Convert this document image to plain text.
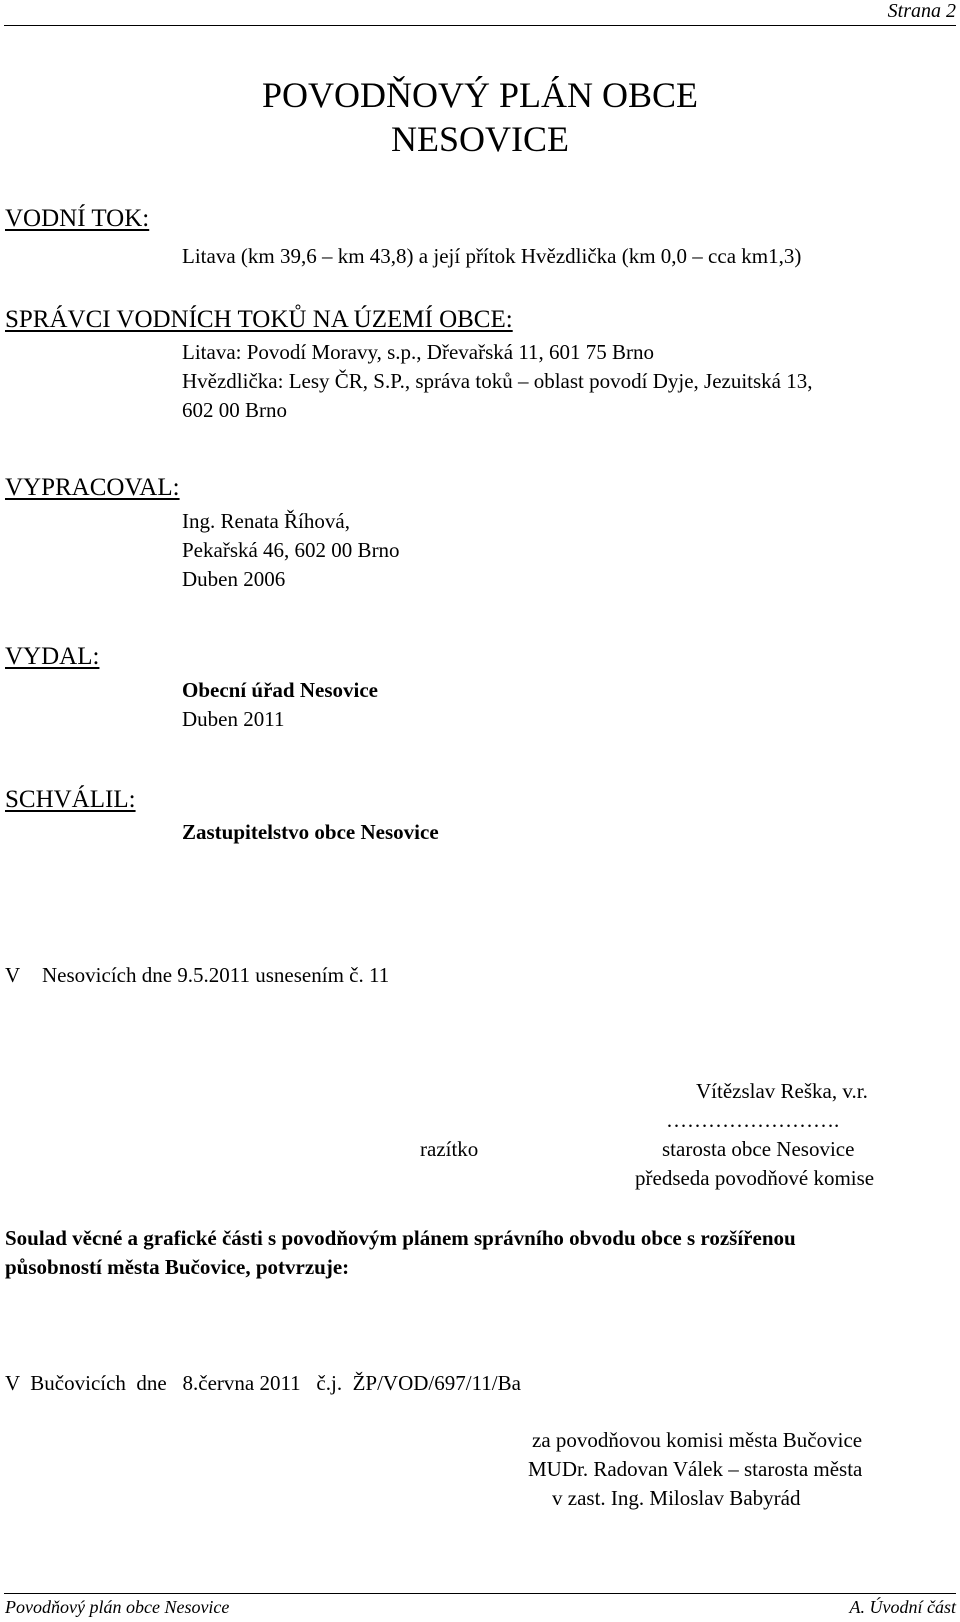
Strana 2
POVODŇOVÝ PLÁN OBCE
NESOVICE
VODNÍ TOK:
Litava (km 39,6 – km 43,8) a její přítok Hvězdlička (km 0,0 – cca km1,3)
SPRÁVCI VODNÍCH TOKŮ NA ÚZEMÍ OBCE:
Litava: Povodí Moravy, s.p., Dřevařská 11, 601 75 Brno
Hvězdlička: Lesy ČR, S.P., správa toků – oblast povodí Dyje, Jezuitská 13,
602 00 Brno
VYPRACOVAL:
Ing. Renata Říhová,
Pekařská 46, 602 00 Brno
Duben 2006
VYDAL:
Obecní úřad Nesovice
Duben 2011
SCHVÁLIL:
Zastupitelstvo obce Nesovice
V Nesovicích dne 9.5.2011 usnesením č. 11
Vítězslav Reška, v.r.
…………………….
razítko	starosta obce Nesovice
předseda povodňové komise
Soulad věcné a grafické části s povodňovým plánem správního obvodu obce s rozšířenou
působností města Bučovice, potvrzuje:
V  Bučovicích  dne   8.června 2011   č.j.  ŽP/VOD/697/11/Ba
za povodňovou komisi města Bučovice
MUDr. Radovan Válek – starosta města
v zast. Ing. Miloslav Babyrád
Povodňový plán obce Nesovice	A. Úvodní část
